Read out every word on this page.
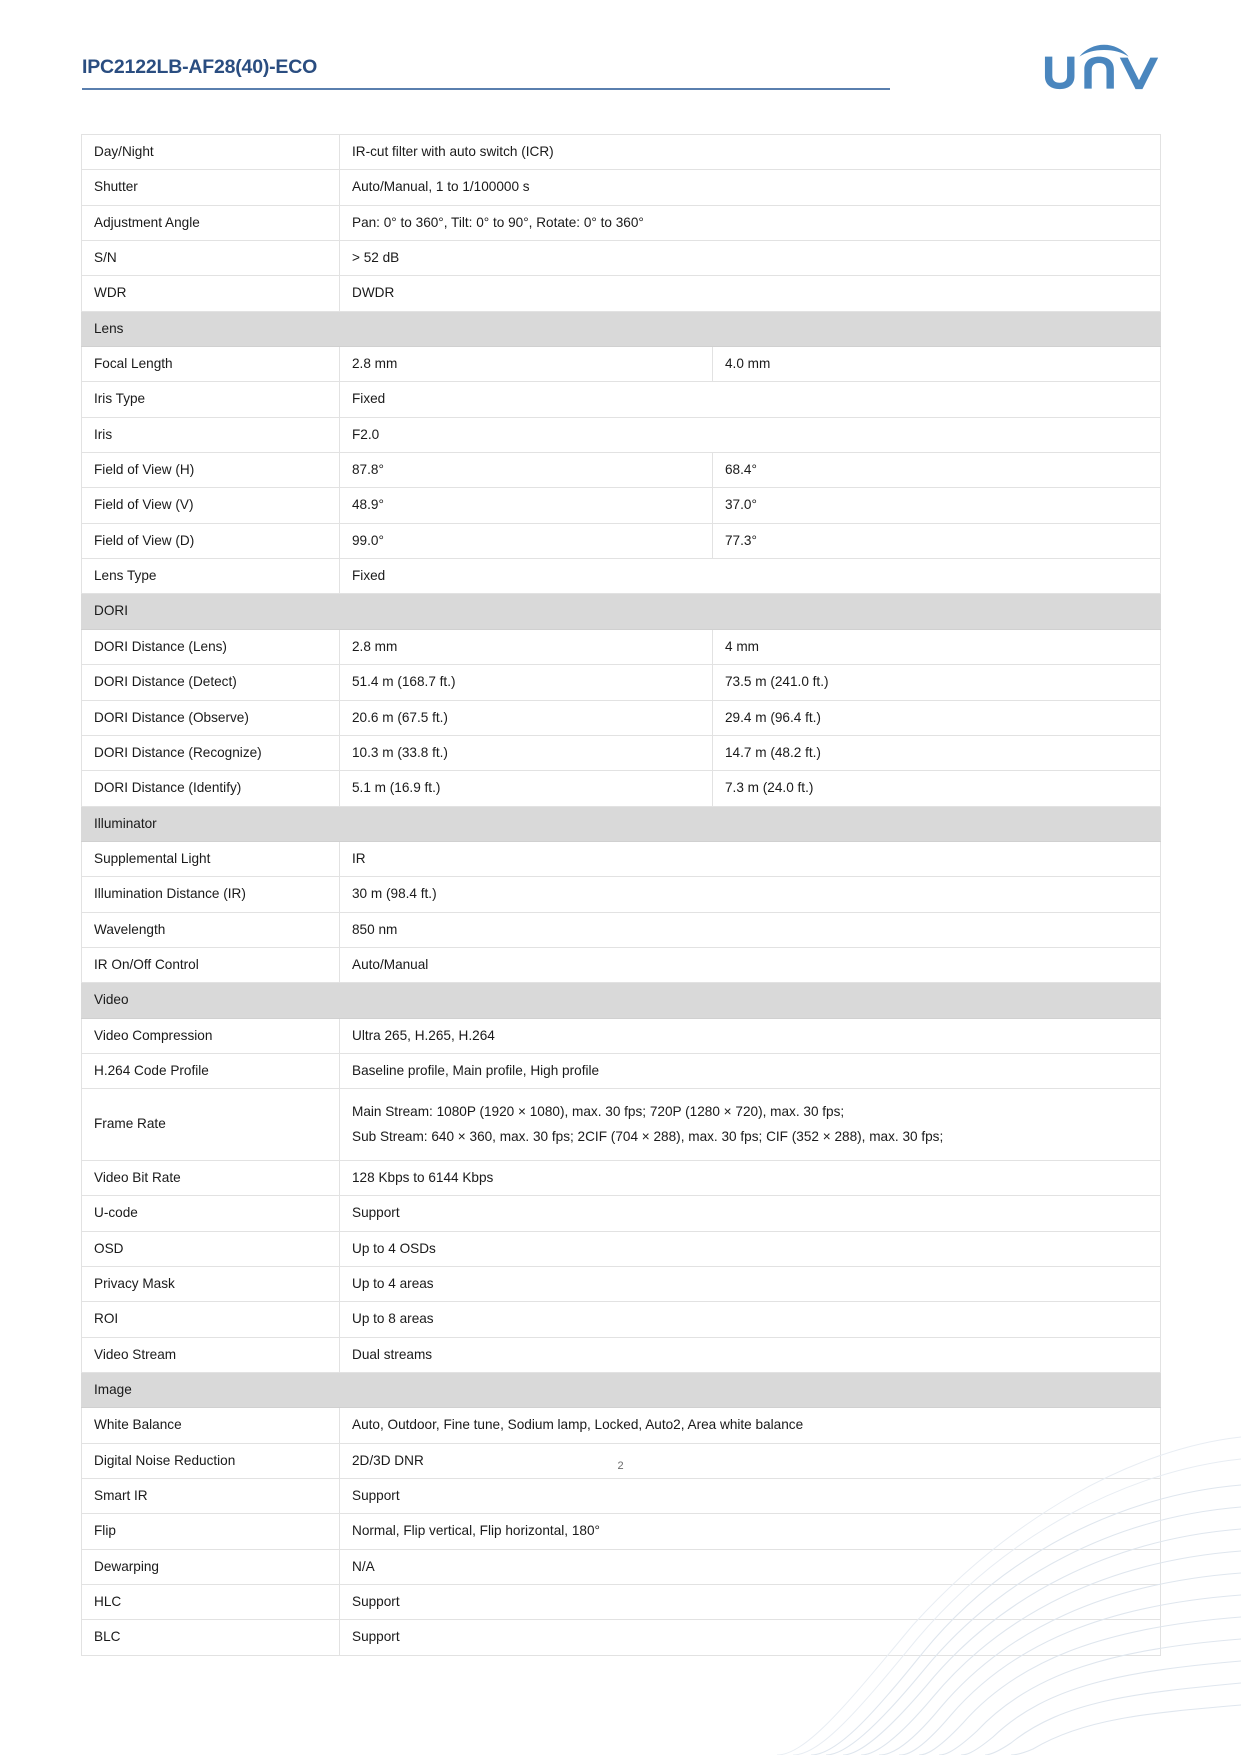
IPC2122LB-AF28(40)-ECO
Day/Night	IR-cut filter with auto switch (ICR)	
Shutter	Auto/Manual, 1 to 1/100000 s	
Adjustment Angle	Pan: 0° to 360°, Tilt: 0° to 90°, Rotate: 0° to 360°	
S/N	> 52 dB	
WDR	DWDR	
Lens		
Focal Length	2.8 mm	4.0 mm
Iris Type	Fixed	
Iris	F2.0	
Field of View (H)	87.8°	68.4°
Field of View (V)	48.9°	37.0°
Field of View (D)	99.0°	77.3°
Lens Type	Fixed	
DORI		
DORI Distance (Lens)	2.8 mm	4 mm
DORI Distance (Detect)	51.4 m (168.7 ft.)	73.5 m (241.0 ft.)
DORI Distance (Observe)	20.6 m (67.5 ft.)	29.4 m (96.4 ft.)
DORI Distance (Recognize)	10.3 m (33.8 ft.)	14.7 m (48.2 ft.)
DORI Distance (Identify)	5.1 m (16.9 ft.)	7.3 m (24.0 ft.)
Illuminator		
Supplemental Light	IR	
Illumination Distance (IR)	30 m (98.4 ft.)	
Wavelength	850 nm	
IR On/Off Control	Auto/Manual	
Video		
Video Compression	Ultra 265, H.265, H.264	
H.264 Code Profile	Baseline profile, Main profile, High profile	
Frame Rate	Main Stream: 1080P (1920 × 1080), max. 30 fps; 720P (1280 × 720), max. 30 fps;
Sub Stream: 640 × 360, max. 30 fps; 2CIF (704 × 288), max. 30 fps; CIF (352 × 288), max. 30 fps;	

Video Bit Rate	128 Kbps to 6144 Kbps	
U-code	Support	
OSD	Up to 4 OSDs	
Privacy Mask	Up to 4 areas	
ROI	Up to 8 areas	
Video Stream	Dual streams	
Image		
White Balance	Auto, Outdoor, Fine tune, Sodium lamp, Locked, Auto2, Area white balance	
Digital Noise Reduction	2D/3D DNR	
Smart IR	Support	
Flip	Normal, Flip vertical, Flip horizontal, 180°	
Dewarping	N/A	
HLC	Support	
BLC	Support	
2
